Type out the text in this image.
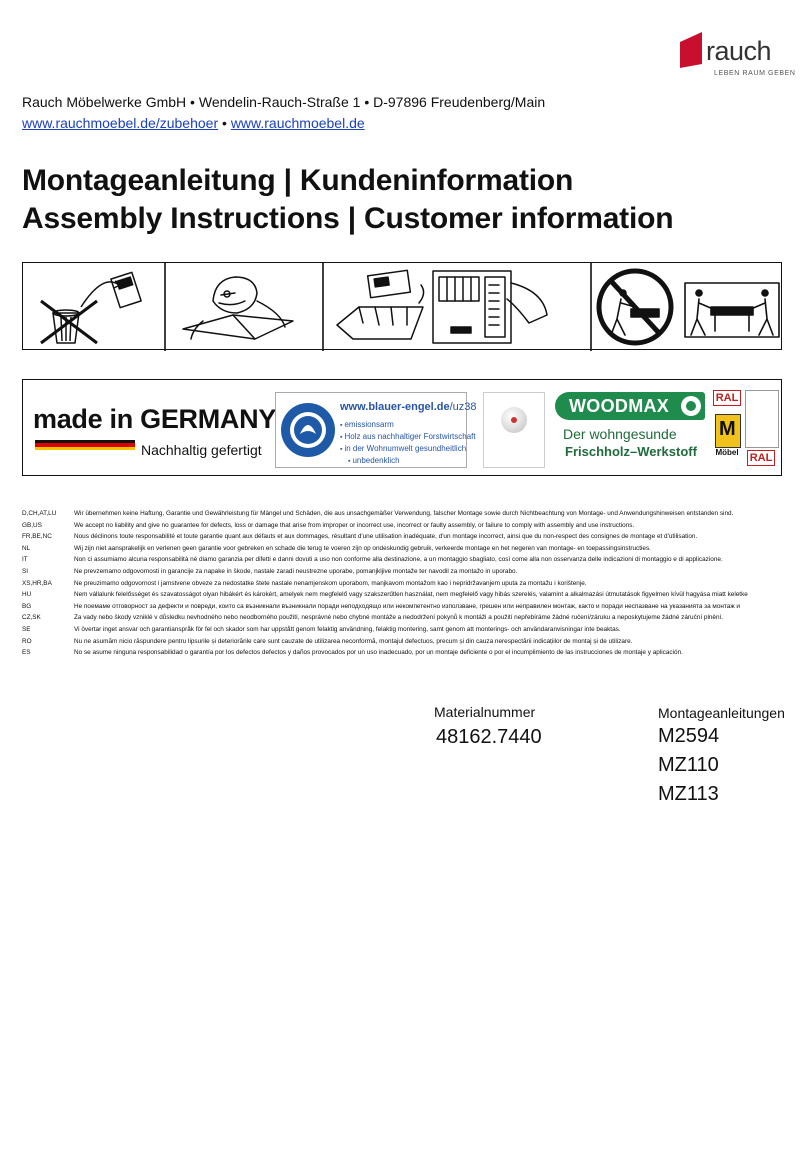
rauch
LEBEN RAUM GEBEN
Rauch Möbelwerke GmbH • Wendelin-Rauch-Straße 1 • D-97896 Freudenberg/Main
www.rauchmoebel.de/zubehoer • www.rauchmoebel.de
Montageanleitung | Kundeninformation
Assembly Instructions | Customer information
made in GERMANY
Nachhaltig gefertigt
www.blauer-engel.de/uz38
▪ emissionsarm
▪ Holz aus nachhaltiger Forstwirtschaft
▪ in der Wohnumwelt gesundheitlich
▪ unbedenklich
WOODMAX
Der wohngesunde
Frischholz–Werkstoff
RAL
M
Möbel RAL
D,CH,AT,LU	Wir übernehmen keine Haftung, Garantie und Gewährleistung für Mängel und Schäden, die aus unsachgemäßer Verwendung, falscher Montage sowie durch Nichtbeachtung von Montage- und Anwendungshinweisen entstanden sind.
GB,US	We accept no liability and give no guarantee for defects, loss or damage that arise from improper or incorrect use, incorrect or faulty assembly, or failure to comply with assembly and use instructions.
FR,BE,NC	Nous déclinons toute responsabilité et toute garantie quant aux défauts et aux dommages, résultant d'une utilisation inadéquate, d'un montage incorrect, ainsi que du non-respect des consignes de montage et d'utilisation.
NL	Wij zijn niet aansprakelijk en verlenen geen garantie voor gebreken en schade die terug te voeren zijn op ondeskundig gebruik, verkeerde montage en het negeren van montage- en toepassingsinstructies.
IT	Non ci assumiamo alcuna responsabilità né diamo garanzia per difetti e danni dovuti a uso non conforme alla destinazione, a un montaggio sbagliato, così come alla non osservanza delle indicazioni di montaggio e di applicazione.
SI	Ne prevzemamo odgovornosti in garancije za napake in škode, nastale zaradi neustrezne uporabe, pomanjkljive montaže ter navodil za montažo in uporabo.
XS,HR,BA	Ne preuzimamo odgovornost i jamstvene obveze za nedostatke štete nastale nenamjenskom uporabom, manjkavom montažom kao i nepridržavanjem uputa za montažu i korištenje.
HU	Nem vállalunk felelősséget és szavatosságot olyan hibákért és károkért, amelyek nem megfelelő vagy szakszerűtlen használat, nem megfelelő vagy hibás szerelés, valamint a alkalmazási útmutatások figyelmen kívül hagyása miatt keletke
BG	Не поемаме отговорност за дефекти и повреди, които са възникнали възникнали поради неподходящо или некомпетентно използване, грешен или неправилен монтаж, както и поради неспазване на указанията за монтаж и
CZ,SK	Za vady nebo škody vzniklé v důsledku nevhodného nebo neodborného použití, nesprávné nebo chybné montáže a nedodržení pokynů k montáži a použití nepřebíráme žádné ručení/záruku a neposkytujeme žádné záruční plnění.
SE	Vi övertar inget ansvar och garantianspråk för fel och skador som har uppstått genom felaktig användning, felaktig montering, samt genom att monterings- och användaranvisningar inte beaktas.
RO	Nu ne asumăm nicio răspundere pentru lipsurile și deteriorările care sunt cauzate de utilizarea neconformă, montajul defectuos, precum și din cauza nerespectării indicațiilor de montaj și de utilizare.
ES	No se asume ninguna responsabilidad o garantía por los defectos defectos y daños provocados por un uso inadecuado, por un montaje deficiente o por el incumplimiento de las instrucciones de montaje y aplicación.
Materialnummer
48162.7440
Montageanleitungen
M2594
MZ110
MZ113
